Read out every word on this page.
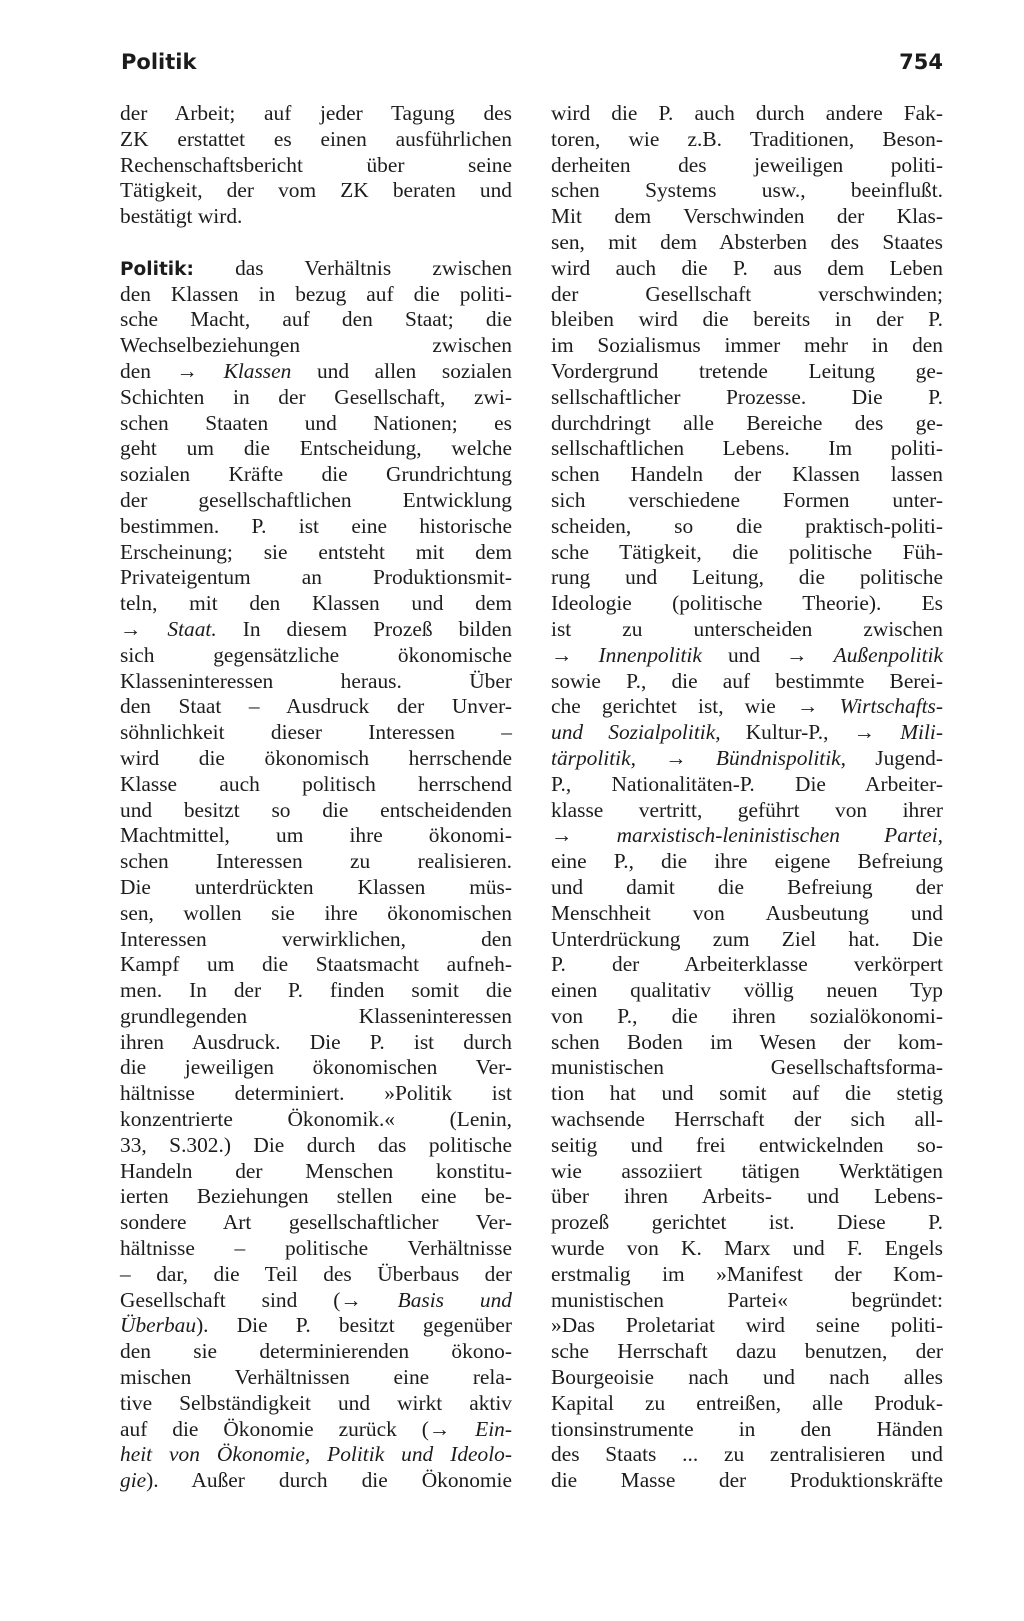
Politik	754
der Arbeit; auf jeder Tagung des
ZK erstattet es einen ausführlichen
Rechenschaftsbericht über seine
Tätigkeit, der vom ZK beraten und
bestätigt wird.
Politik: das Verhältnis zwischen
den Klassen in bezug auf die politi-
sche Macht, auf den Staat; die
Wechselbeziehungen zwischen
den → Klassen und allen sozialen
Schichten in der Gesellschaft, zwi-
schen Staaten und Nationen; es
geht um die Entscheidung, welche
sozialen Kräfte die Grundrichtung
der gesellschaftlichen Entwicklung
bestimmen. P. ist eine historische
Erscheinung; sie entsteht mit dem
Privateigentum an Produktionsmit-
teln, mit den Klassen und dem
→ Staat. In diesem Prozeß bilden
sich gegensätzliche ökonomische
Klasseninteressen heraus. Über
den Staat – Ausdruck der Unver-
söhnlichkeit dieser Interessen –
wird die ökonomisch herrschende
Klasse auch politisch herrschend
und besitzt so die entscheidenden
Machtmittel, um ihre ökonomi-
schen Interessen zu realisieren.
Die unterdrückten Klassen müs-
sen, wollen sie ihre ökonomischen
Interessen verwirklichen, den
Kampf um die Staatsmacht aufneh-
men. In der P. finden somit die
grundlegenden Klasseninteressen
ihren Ausdruck. Die P. ist durch
die jeweiligen ökonomischen Ver-
hältnisse determiniert. »Politik ist
konzentrierte Ökonomik.« (Lenin,
33, S.302.) Die durch das politische
Handeln der Menschen konstitu-
ierten Beziehungen stellen eine be-
sondere Art gesellschaftlicher Ver-
hältnisse – politische Verhältnisse
– dar, die Teil des Überbaus der
Gesellschaft sind (→ Basis und
Überbau). Die P. besitzt gegenüber
den sie determinierenden ökono-
mischen Verhältnissen eine rela-
tive Selbständigkeit und wirkt aktiv
auf die Ökonomie zurück (→ Ein-
heit von Ökonomie, Politik und Ideolo-
gie). Außer durch die Ökonomie
wird die P. auch durch andere Fak-
toren, wie z.B. Traditionen, Beson-
derheiten des jeweiligen politi-
schen Systems usw., beeinflußt.
Mit dem Verschwinden der Klas-
sen, mit dem Absterben des Staates
wird auch die P. aus dem Leben
der Gesellschaft verschwinden;
bleiben wird die bereits in der P.
im Sozialismus immer mehr in den
Vordergrund tretende Leitung ge-
sellschaftlicher Prozesse. Die P.
durchdringt alle Bereiche des ge-
sellschaftlichen Lebens. Im politi-
schen Handeln der Klassen lassen
sich verschiedene Formen unter-
scheiden, so die praktisch-politi-
sche Tätigkeit, die politische Füh-
rung und Leitung, die politische
Ideologie (politische Theorie). Es
ist zu unterscheiden zwischen
→ Innenpolitik und → Außenpolitik
sowie P., die auf bestimmte Berei-
che gerichtet ist, wie → Wirtschafts-
und Sozialpolitik, Kultur-P., → Mili-
tärpolitik, → Bündnispolitik, Jugend-
P., Nationalitäten-P. Die Arbeiter-
klasse vertritt, geführt von ihrer
→ marxistisch-leninistischen Partei,
eine P., die ihre eigene Befreiung
und damit die Befreiung der
Menschheit von Ausbeutung und
Unterdrückung zum Ziel hat. Die
P. der Arbeiterklasse verkörpert
einen qualitativ völlig neuen Typ
von P., die ihren sozialökonomi-
schen Boden im Wesen der kom-
munistischen Gesellschaftsforma-
tion hat und somit auf die stetig
wachsende Herrschaft der sich all-
seitig und frei entwickelnden so-
wie assoziiert tätigen Werktätigen
über ihren Arbeits- und Lebens-
prozeß gerichtet ist. Diese P.
wurde von K. Marx und F. Engels
erstmalig im »Manifest der Kom-
munistischen Partei« begründet:
»Das Proletariat wird seine politi-
sche Herrschaft dazu benutzen, der
Bourgeoisie nach und nach alles
Kapital zu entreißen, alle Produk-
tionsinstrumente in den Händen
des Staats ... zu zentralisieren und
die Masse der Produktionskräfte
